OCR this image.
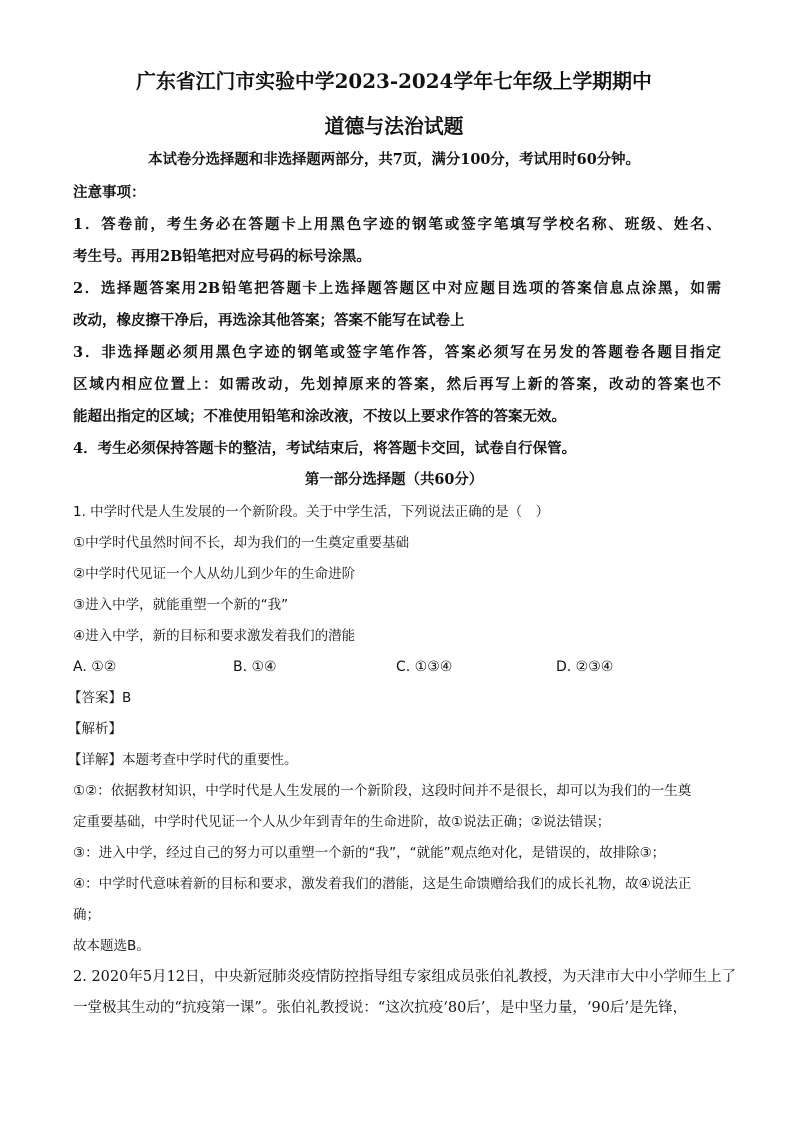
广东省江门市实验中学2023-2024学年七年级上学期期中
道德与法治试题
本试卷分选择题和非选择题两部分，共7页，满分100分，考试用时60分钟。
注意事项：
1．答卷前，考生务必在答题卡上用黑色字迹的钢笔或签字笔填写学校名称、班级、姓名、
考生号。再用2B铅笔把对应号码的标号涂黑。
2．选择题答案用2B铅笔把答题卡上选择题答题区中对应题目选项的答案信息点涂黑，如需
改动，橡皮擦干净后，再选涂其他答案；答案不能写在试卷上
3．非选择题必须用黑色字迹的钢笔或签字笔作答，答案必须写在另发的答题卷各题目指定
区域内相应位置上：如需改动，先划掉原来的答案，然后再写上新的答案，改动的答案也不
能超出指定的区域；不准使用铅笔和涂改液，不按以上要求作答的答案无效。
4．考生必须保持答题卡的整洁，考试结束后，将答题卡交回，试卷自行保管。
第一部分选择题（共60分）
1. 中学时代是人生发展的一个新阶段。关于中学生活，下列说法正确的是（　）
①中学时代虽然时间不长，却为我们的一生奠定重要基础
②中学时代见证一个人从幼儿到少年的生命进阶
③进入中学，就能重塑一个新的“我”
④进入中学，新的目标和要求激发着我们的潜能
A. ①②	B. ①④	C. ①③④	D. ②③④
【答案】B
【解析】
【详解】本题考查中学时代的重要性。
①②：依据教材知识，中学时代是人生发展的一个新阶段，这段时间并不是很长，却可以为我们的一生奠
定重要基础，中学时代见证一个人从少年到青年的生命进阶，故①说法正确；②说法错误；
③：进入中学，经过自己的努力可以重塑一个新的“我”，“就能”观点绝对化，是错误的，故排除③；
④：中学时代意味着新的目标和要求，激发着我们的潜能，这是生命馈赠给我们的成长礼物，故④说法正
确；
故本题选B。
2. 2020年5月12日，中央新冠肺炎疫情防控指导组专家组成员张伯礼教授，为天津市大中小学师生上了
一堂极其生动的“抗疫第一课”。张伯礼教授说：“这次抗疫‘80后’，是中坚力量，‘90后’是先锋，
